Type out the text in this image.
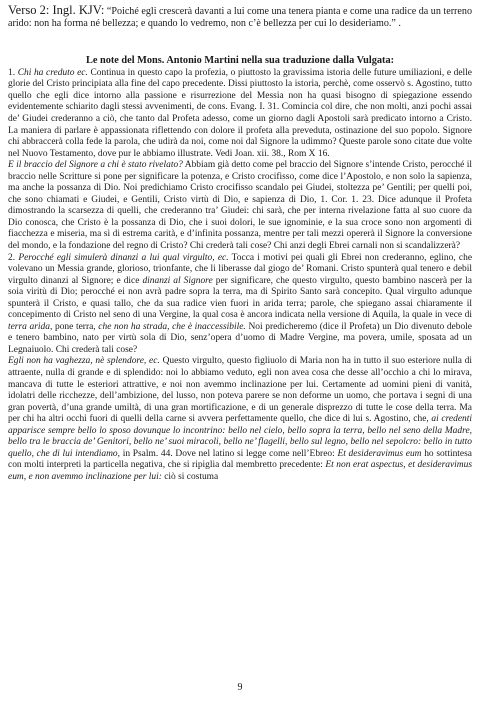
Verso 2: Ingl. KJV: “Poiché egli crescerà davanti a lui come una tenera pianta e come una radice da un terreno arido: non ha forma né bellezza; e quando lo vedremo, non c’è bellezza per cui lo desideriamo.” .

Le note del Mons. Antonio Martini nella sua traduzione dalla Vulgata:

1. Chi ha creduto ec. Continua in questo capo la profezia, o piuttosto la gravissima istoria delle future umiliazioni, e delle glorie del Cristo principiata alla fine del capo precedente. Dissi piuttosto la istoria, perchè, come osservò s. Agostino, tutto quello che egli dice intorno alla passione e risurrezione del Messia non ha quasi bisogno di spiegazione essendo evidentemente schiarito dagli stessi avvenimenti, de cons. Evang. I. 31. Comincia col dire, che non molti, anzi pochi assai de’ Giudei crederanno a ciò, che tanto dal Profeta adesso, come un giorno dagli Apostoli sarà predicato intorno a Cristo. La maniera di parlare è appassionata riflettendo con dolore il profeta alla preveduta, ostinazione del suo popolo. Signore chi abbraccerà colla fede la parola, che udirà da noi, come noi dal Signore la udimmo? Queste parole sono citate due volte nel Nuovo Testamento, dove pur le abbiamo illustrate. Vedi Joan. xii. 38., Rom X 16.

E il braccio del Signore a chi è stato rivelato? Abbiam già detto come pel braccio del Signore s’intende Cristo, perocché il braccio nelle Scritture si pone per significare la potenza, e Cristo crocifisso, come dice l’Apostolo, e non solo la sapienza, ma anche la possanza di Dio. Noi predichiamo Cristo crocifisso scandalo pei Giudei, stoltezza pe’ Gentili; per quelli poi, che sono chiamati e Giudei, e Gentili, Cristo virtù di Dio, e sapienza di Dio, 1. Cor. 1. 23. Dice adunque il Profeta dimostrando la scarsezza di quelli, che crederanno tra’ Giudei: chi sarà, che per interna rivelazione fatta al suo cuore da Dio conosca, che Cristo è la possanza di Dio, che i suoi dolori, le sue ignominie, e la sua croce sono non argomenti di fiacchezza e miseria, ma sì di estrema carità, e d’infinita possanza, mentre per tali mezzi opererà il Signore la conversione del mondo, e la fondazione del regno di Cristo? Chi crederà tali cose? Chi anzi degli Ebrei carnali non si scandalizzerà?

2. Perocché egli simulerà dinanzi a lui qual virgulto, ec. Tocca i motivi pei quali gli Ebrei non crederanno, eglino, che volevano un Messia grande, glorioso, trionfante, che li liberasse dal giogo de’ Romani. Cristo spunterà qual tenero e debil virgulto dinanzi al Signore; e dice dinanzi al Signore per significare, che questo virgulto, questo bambino nascerà per la soia viritù di Dio; perocché ei non avrà padre sopra la terra, ma di Spirito Santo sarà concepito. Qual virgulto adunque spunterà il Cristo, e quasi tallo, che da sua radice vien fuori in arida terra; parole, che spiegano assai chiaramente il concepimento di Cristo nel seno di una Vergine, la qual cosa è ancora indicata nella versione di Aquila, la quale in vece di terra arida, pone terra, che non ha strada, che è inaccessibile. Noi predicheremo (dice il Profeta) un Dio divenuto debole e tenero bambino, nato per virtù sola di Dio, senz’opera d’uomo di Madre Vergine, ma povera, umile, sposata ad un Legnaiuolo. Chi crederà tali cose?

Egli non ha vaghezza, nè splendore, ec. Questo virgulto, questo figliuolo di Maria non ha in tutto il suo esteriore nulla di attraente, nulla di grande e di splendido: noi lo abbiamo veduto, egli non avea cosa che desse all’occhio a chi lo mirava, mancava di tutte le esteriori attrattive, e noi non avemmo inclinazione per lui. Certamente ad uomini pieni di vanità, idolatri delle ricchezze, dell’ambizione, del lusso, non poteva parere se non deforme un uomo, che portava i segni di una gran povertà, d’una grande umiltà, di una gran mortificazione, e di un generale disprezzo di tutte le cose della terra. Ma per chi ha altri occhi fuori di quelli della carne si avvera perfettamente quello, che dice di lui s. Agostino, che, ai credenti apparisce sempre bello lo sposo dovunque lo incontrino: bello nel cielo, bello sopra la terra, bello nel seno della Madre, bello tra le braccia de’ Genitori, bello ne’ suoi miracoli, bello ne’ flagelli, bello sul legno, bello nel sepolcro: bello in tutto quello, che di lui intendiamo, in Psalm. 44. Dove nel latino si legge come nell’Ebreo: Et desideravimus eum ho sottintesa con molti interpreti la particella negativa, che si ripiglia dal membretto precedente: Et non erat aspectus, et desideravimus eum, e non avemmo inclinazione per lui: ciò si costuma

9
